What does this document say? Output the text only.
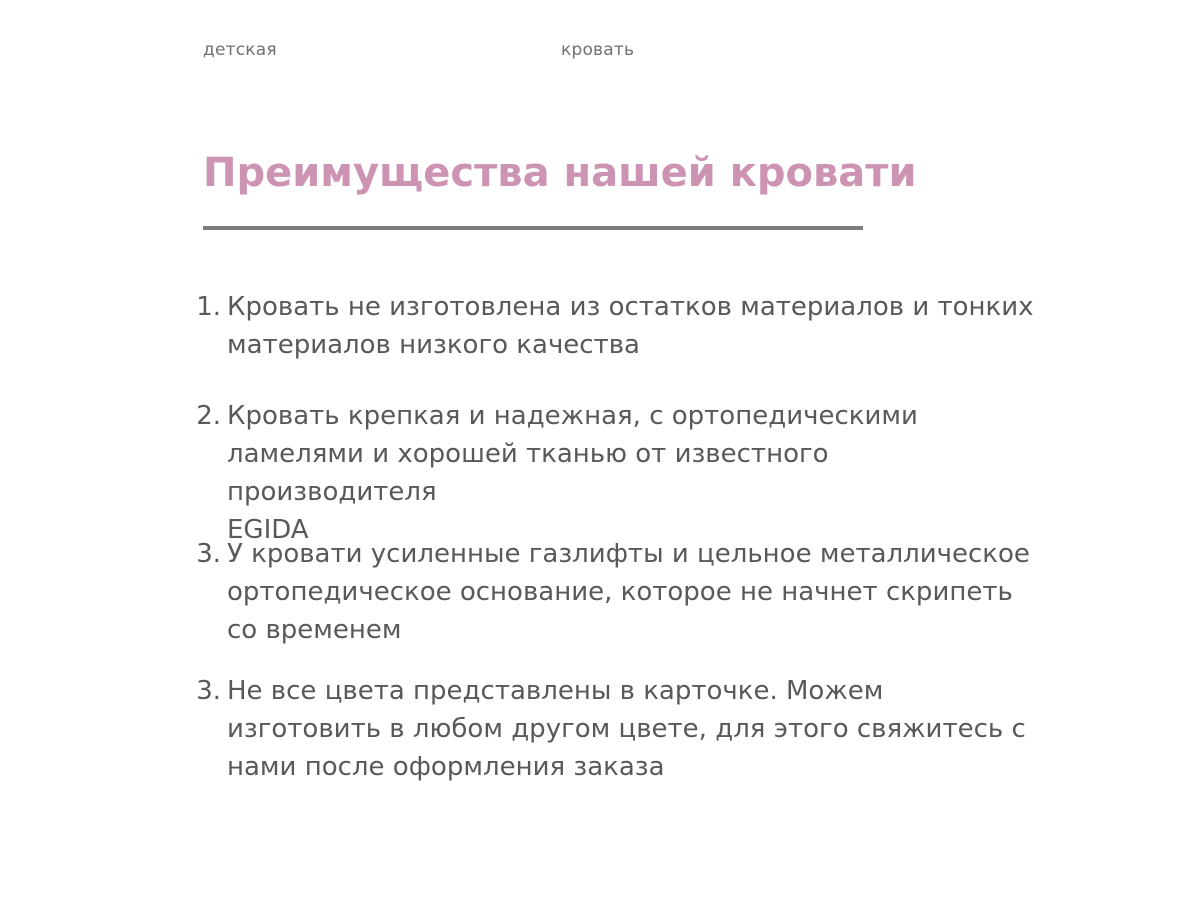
детская	кровать
Преимущества нашей кровати
1. Кровать не изготовлена из остатков материалов и тонких
материалов низкого качества
2. Кровать крепкая и надежная, с ортопедическими
ламелями и хорошей тканью от известного производителя
EGIDA
3. У кровати усиленные газлифты и цельное металлическое
ортопедическое основание, которое не начнет скрипеть
со временем
3. Не все цвета представлены в карточке. Можем
изготовить в любом другом цвете, для этого свяжитесь с
нами после оформления заказа
